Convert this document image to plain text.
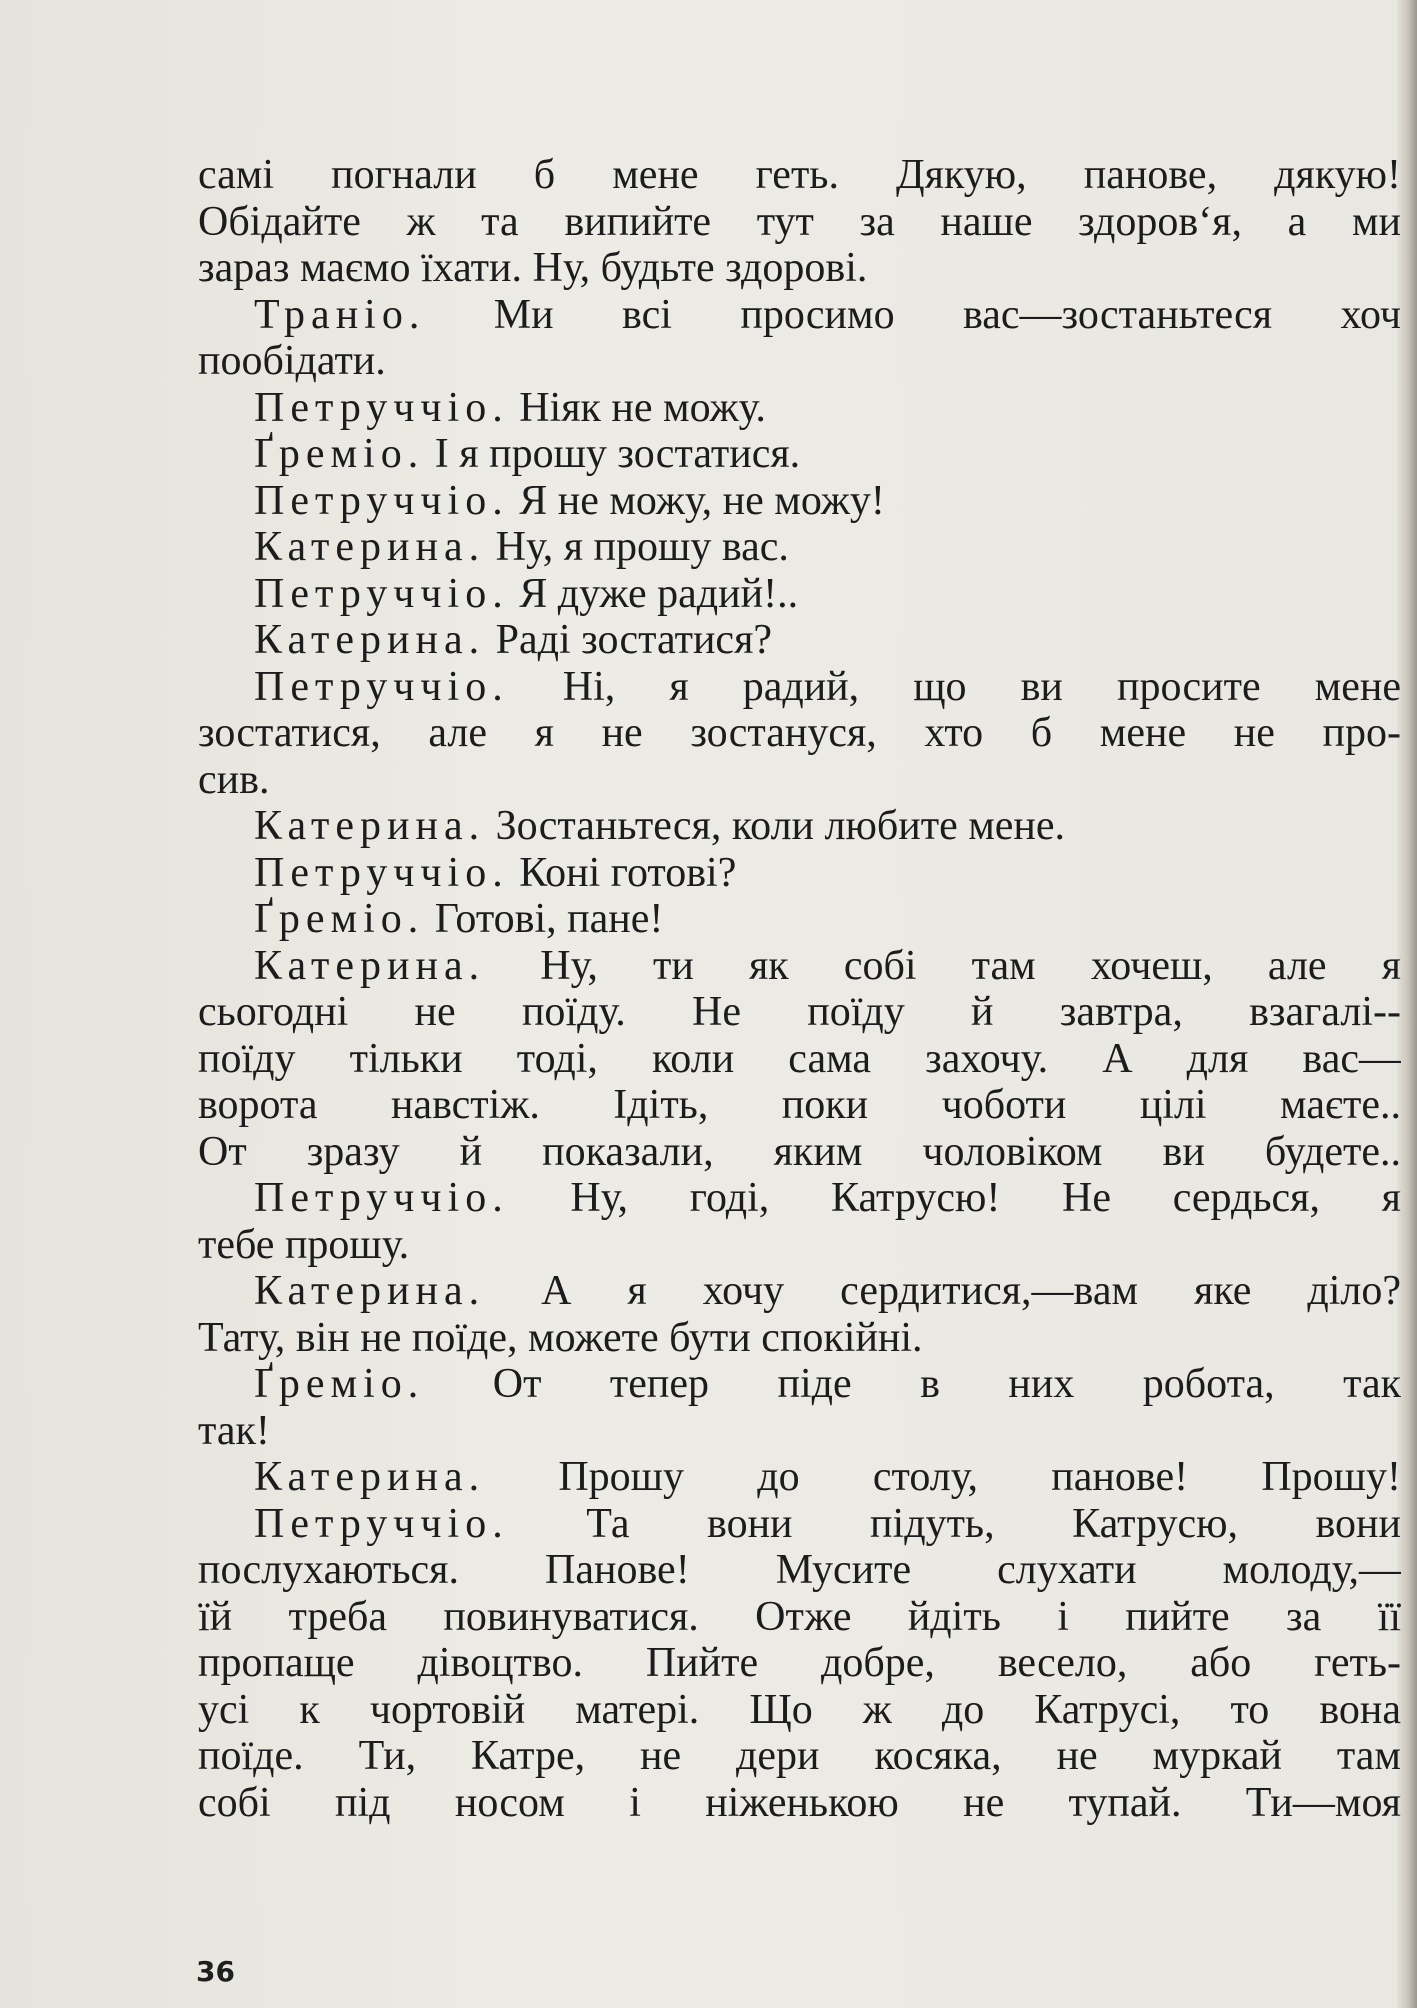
самі погнали б мене геть. Дякую, панове, дякую!
Обідайте ж та випийте тут за наше здоров‘я, а ми
зараз маємо їхати. Ну, будьте здорові.
Траніо. Ми всі просимо вас—зостаньтеся хоч
пообідати.
Петруччіо. Ніяк не можу.
Ґреміо. І я прошу зостатися.
Петруччіо. Я не можу, не можу!
Катерина. Ну, я прошу вас.
Петруччіо. Я дуже радий!..
Катерина. Раді зостатися?
Петруччіо. Ні, я радий, що ви просите мене
зостатися, але я не зостануся, хто б мене не про-
сив.
Катерина. Зостаньтеся, коли любите мене.
Петруччіо. Коні готові?
Ґреміо. Готові, пане!
Катерина. Ну, ти як собі там хочеш, але я
сьогодні не поїду. Не поїду й завтра, взагалі--
поїду тільки тоді, коли сама захочу. А для вас—
ворота навстіж. Ідіть, поки чоботи цілі маєте..
От зразу й показали, яким чоловіком ви будете..
Петруччіо. Ну, годі, Катрусю! Не сердься, я
тебе прошу.
Катерина. А я хочу сердитися,—вам яке діло?
Тату, він не поїде, можете бути спокійні.
Ґреміо. От тепер піде в них робота, так
так!
Катерина. Прошу до столу, панове! Прошу!
Петруччіо. Та вони підуть, Катрусю, вони
послухаються. Панове! Мусите слухати молоду,—
їй треба повинуватися. Отже йдіть і пийте за її
пропаще дівоцтво. Пийте добре, весело, або геть-
усі к чортовій матері. Що ж до Катрусі, то вона
поїде. Ти, Катре, не дери косяка, не муркай там
собі під носом і ніженькою не тупай. Ти—моя
36
